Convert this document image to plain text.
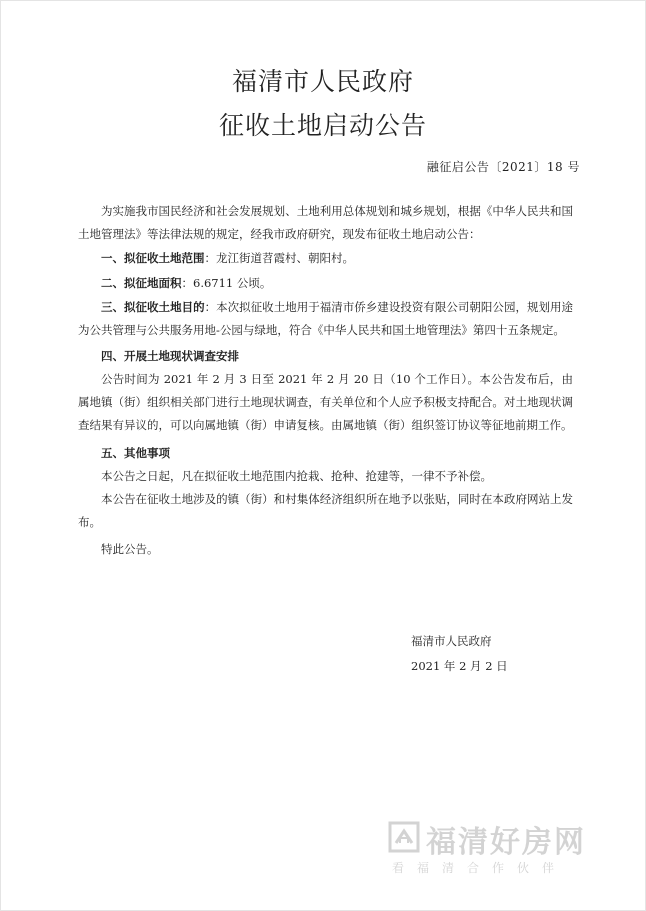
福清市人民政府
征收土地启动公告
融征启公告〔2021〕18 号

为实施我市国民经济和社会发展规划、土地利用总体规划和城乡规划，根据《中华人民共和国土地管理法》等法律法规的规定，经我市政府研究，现发布征收土地启动公告：

一、拟征收土地范围：龙江街道苕霞村、朝阳村。

二、拟征地面积：6.6711 公顷。

三、拟征收土地目的：本次拟征收土地用于福清市侨乡建设投资有限公司朝阳公园，规划用途为公共管理与公共服务用地-公园与绿地，符合《中华人民共和国土地管理法》第四十五条规定。

四、开展土地现状调查安排

公告时间为 2021 年 2 月 3 日至 2021 年 2 月 20 日（10 个工作日）。本公告发布后，由属地镇（街）组织相关部门进行土地现状调查，有关单位和个人应予积极支持配合。对土地现状调查结果有异议的，可以向属地镇（街）申请复核。由属地镇（街）组织签订协议等征地前期工作。

五、其他事项

本公告之日起，凡在拟征收土地范围内抢栽、抢种、抢建等，一律不予补偿。

本公告在征收土地涉及的镇（街）和村集体经济组织所在地予以张贴，同时在本政府网站上发布。

特此公告。

福清市人民政府
2021 年 2 月 2 日
福清好房网
看福清合作伙伴
